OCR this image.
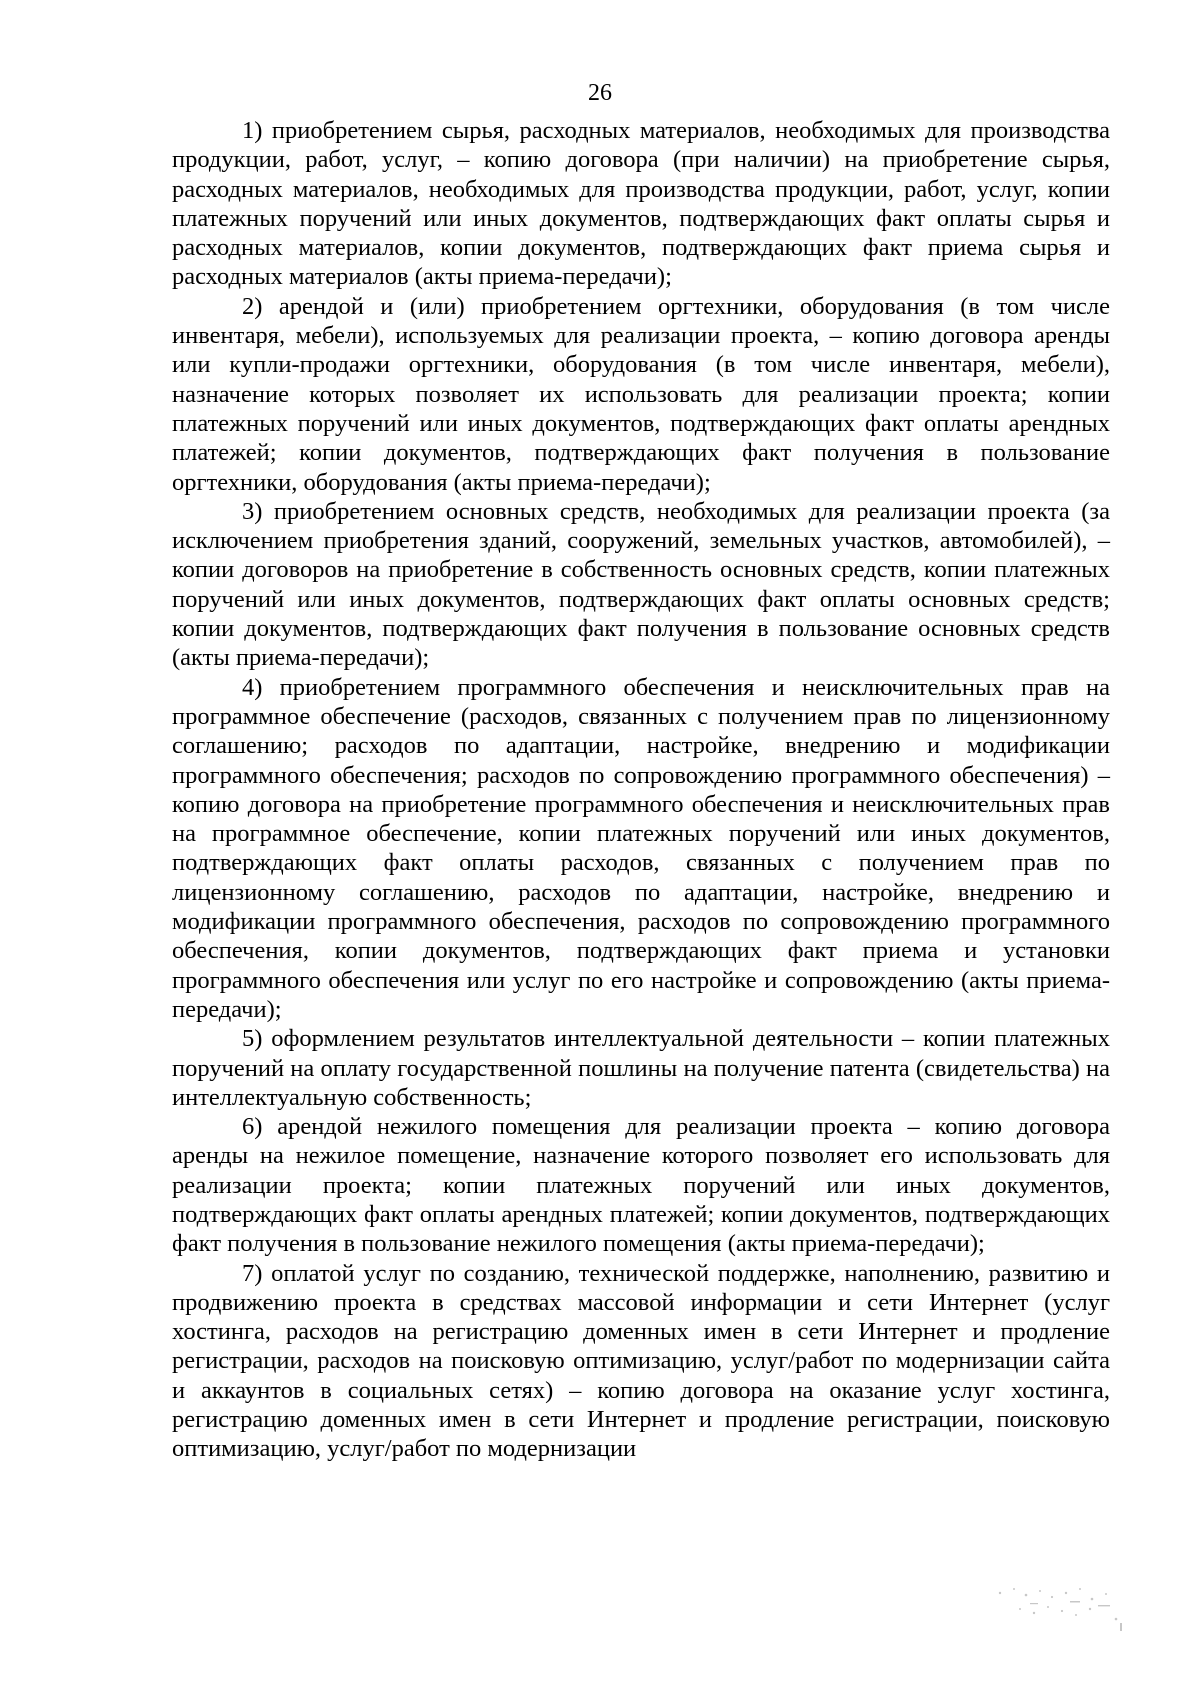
26

1) приобретением сырья, расходных материалов, необходимых для производства продукции, работ, услуг, – копию договора (при наличии) на приобретение сырья, расходных материалов, необходимых для производства продукции, работ, услуг, копии платежных поручений или иных документов, подтверждающих факт оплаты сырья и расходных материалов, копии документов, подтверждающих факт приема сырья и расходных материалов (акты приема-передачи);

2) арендой и (или) приобретением оргтехники, оборудования (в том числе инвентаря, мебели), используемых для реализации проекта, – копию договора аренды или купли-продажи оргтехники, оборудования (в том числе инвентаря, мебели), назначение которых позволяет их использовать для реализации проекта; копии платежных поручений или иных документов, подтверждающих факт оплаты арендных платежей; копии документов, подтверждающих факт получения в пользование оргтехники, оборудования (акты приема-передачи);

3) приобретением основных средств, необходимых для реализации проекта (за исключением приобретения зданий, сооружений, земельных участков, автомобилей), – копии договоров на приобретение в собственность основных средств, копии платежных поручений или иных документов, подтверждающих факт оплаты основных средств; копии документов, подтверждающих факт получения в пользование основных средств (акты приема-передачи);

4) приобретением программного обеспечения и неисключительных прав на программное обеспечение (расходов, связанных с получением прав по лицензионному соглашению; расходов по адаптации, настройке, внедрению и модификации программного обеспечения; расходов по сопровождению программного обеспечения) – копию договора на приобретение программного обеспечения и неисключительных прав на программное обеспечение, копии платежных поручений или иных документов, подтверждающих факт оплаты расходов, связанных с получением прав по лицензионному соглашению, расходов по адаптации, настройке, внедрению и модификации программного обеспечения, расходов по сопровождению программного обеспечения, копии документов, подтверждающих факт приема и установки программного обеспечения или услуг по его настройке и сопровождению (акты приема-передачи);

5) оформлением результатов интеллектуальной деятельности – копии платежных поручений на оплату государственной пошлины на получение патента (свидетельства) на интеллектуальную собственность;

6) арендой нежилого помещения для реализации проекта – копию договора аренды на нежилое помещение, назначение которого позволяет его использовать для реализации проекта; копии платежных поручений или иных документов, подтверждающих факт оплаты арендных платежей; копии документов, подтверждающих факт получения в пользование нежилого помещения (акты приема-передачи);

7) оплатой услуг по созданию, технической поддержке, наполнению, развитию и продвижению проекта в средствах массовой информации и сети Интернет (услуг хостинга, расходов на регистрацию доменных имен в сети Интернет и продление регистрации, расходов на поисковую оптимизацию, услуг/работ по модернизации сайта и аккаунтов в социальных сетях) – копию договора на оказание услуг хостинга, регистрацию доменных имен в сети Интернет и продление регистрации, поисковую оптимизацию, услуг/работ по модернизации
